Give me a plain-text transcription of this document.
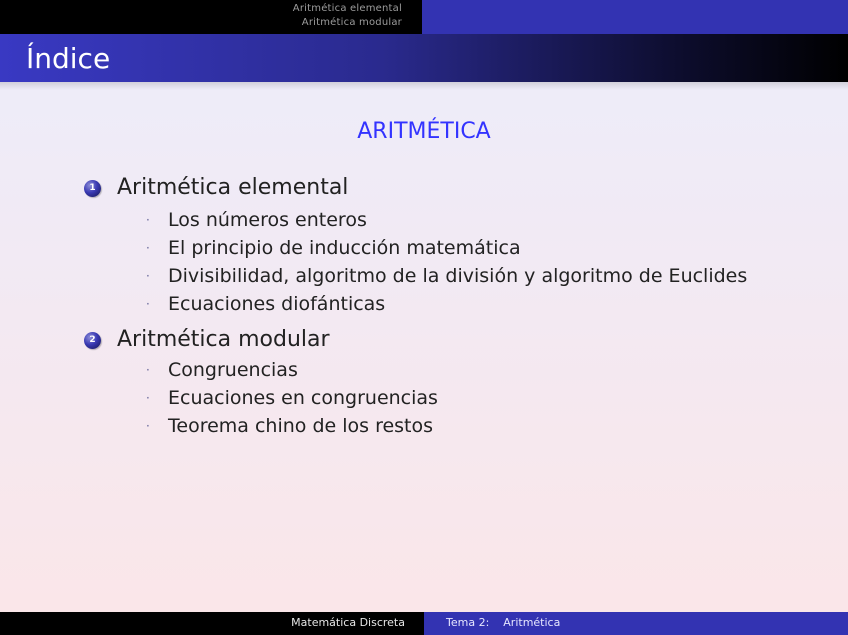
Aritmética elemental
Aritmética modular
Índice
ARITMÉTICA
1 Aritmética elemental
· Los números enteros
· El principio de inducción matemática
· Divisibilidad, algoritmo de la división y algoritmo de Euclides
· Ecuaciones diofánticas
2 Aritmética modular
· Congruencias
· Ecuaciones en congruencias
· Teorema chino de los restos
Matemática Discreta	Tema 2: Aritmética
